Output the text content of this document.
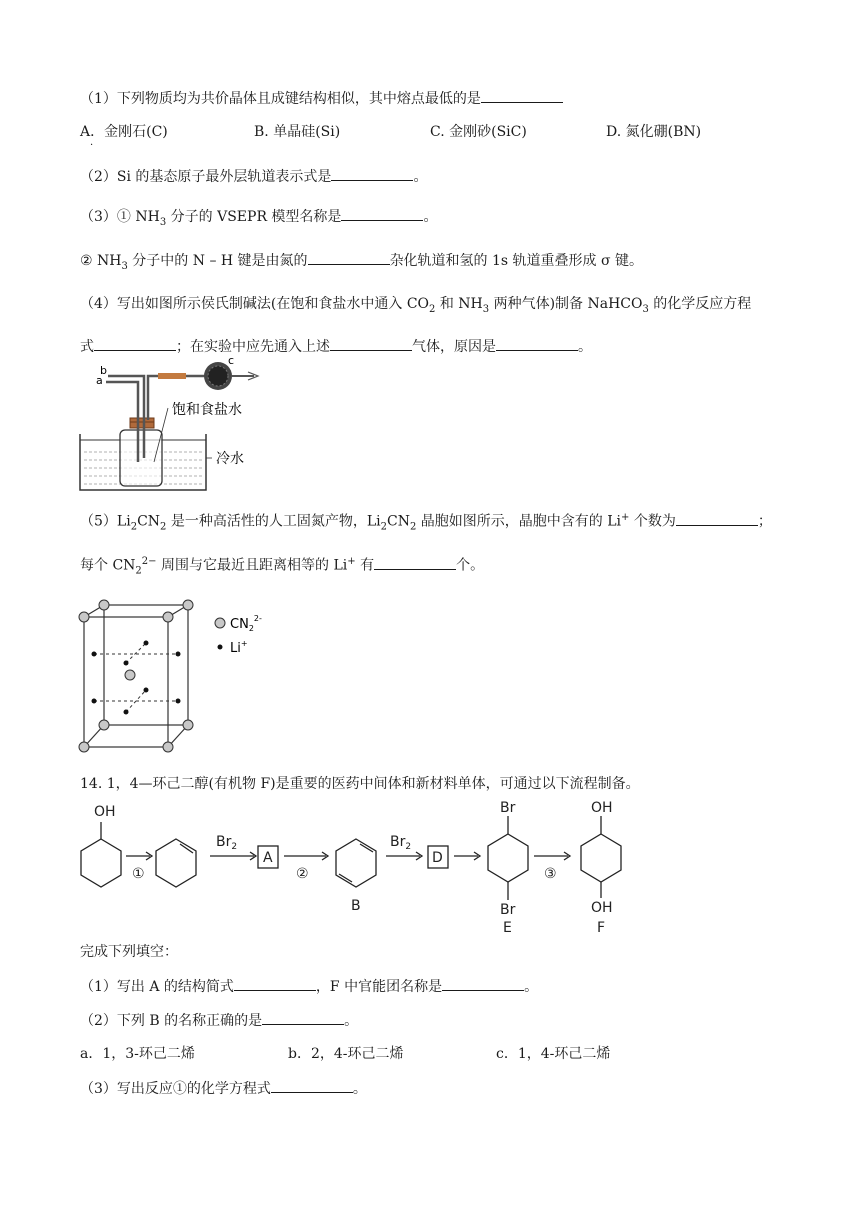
（1）下列物质均为共价晶体且成键结构相似，其中熔点最低的是
A．金刚石(C)	B. 单晶硅(Si)	C. 金刚砂(SiC)	D. 氮化硼(BN)
·
（2）Si 的基态原子最外层轨道表示式是	。
（3）① $NH_3$ 分子的 VSEPR 模型名称是	。
② $NH_3$ 分子中的 N – H 键是由氮的	杂化轨道和氢的 1s 轨道重叠形成 σ 键。
（4）写出如图所示侯氏制碱法(在饱和食盐水中通入 $CO_2$ 和 $NH_3$ 两种气体)制备 NaHCO$_3$ 的化学反应方程
式	；在实验中应先通入上述	气体，原因是	。
a
b
c
饱和食盐水
冷水
$(5)Li_2CN_2$ 是一种高活性的人工固氮产物，$Li_2CN_2$ 晶胞如图所示，晶胞中含有的 Li+ 个数为	；
每个 $CN_2^{2-}$ 周围与它最近且距离相等的 Li+ 有	个。
$CN_2^{2-}$
Li+
14. 1，4—环己二醇(有机物 F)是重要的医药中间体和新材料单体，可通过以下流程制备。
OH
①
$Br_2$
A
②
B
$Br_2$
D
Br
Br
E
③
OH
OH
F
完成下列填空：
（1）写出 A 的结构简式	，F 中官能团名称是	。
（2）下列 B 的名称正确的是	。
a．1，3-环己二烯	b．2，4-环己二烯	c．1，4-环己二烯
（3）写出反应①的化学方程式	。
